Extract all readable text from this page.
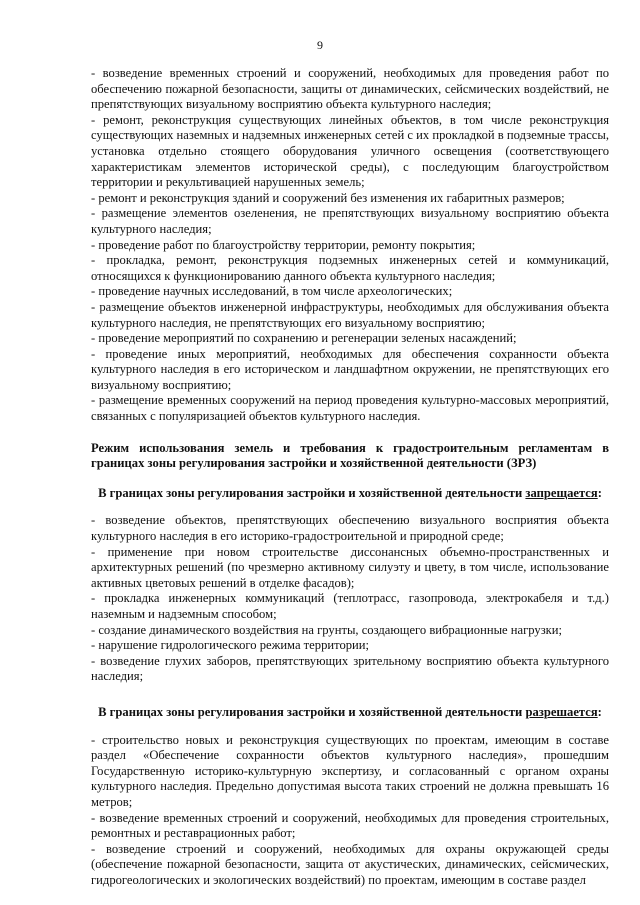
9

- возведение временных строений и сооружений, необходимых для проведения работ по обеспечению пожарной безопасности, защиты от динамических, сейсмических воздействий, не препятствующих визуальному восприятию объекта культурного наследия;

- ремонт, реконструкция существующих линейных объектов, в том числе реконструкция существующих наземных и надземных инженерных сетей с их прокладкой в подземные трассы, установка отдельно стоящего оборудования уличного освещения (соответствующего характеристикам элементов исторической среды), с последующим благоустройством территории и рекультивацией нарушенных земель;

- ремонт и реконструкция зданий и сооружений без изменения их габаритных размеров;

- размещение элементов озеленения, не препятствующих визуальному восприятию объекта культурного наследия;

- проведение работ по благоустройству территории, ремонту покрытия;

- прокладка, ремонт, реконструкция подземных инженерных сетей и коммуникаций, относящихся к функционированию данного объекта культурного наследия;

- проведение научных исследований, в том числе археологических;

- размещение объектов инженерной инфраструктуры, необходимых для обслуживания объекта культурного наследия, не препятствующих его визуальному восприятию;

- проведение мероприятий по сохранению и регенерации зеленых насаждений;

- проведение иных мероприятий, необходимых для обеспечения сохранности объекта культурного наследия в его историческом и ландшафтном окружении, не препятствующих его визуальному восприятию;

- размещение временных сооружений на период проведения культурно-массовых мероприятий, связанных с популяризацией объектов культурного наследия.

Режим использования земель и требования к градостроительным регламентам в границах зоны регулирования застройки и хозяйственной деятельности (ЗРЗ)

В границах зоны регулирования застройки и хозяйственной деятельности запрещается:

- возведение объектов, препятствующих обеспечению визуального восприятия объекта культурного наследия в его историко-градостроительной и природной среде;

- применение при новом строительстве диссонансных объемно-пространственных и архитектурных решений (по чрезмерно активному силуэту и цвету, в том числе, использование активных цветовых решений в отделке фасадов);

- прокладка инженерных коммуникаций (теплотрасс, газопровода, электрокабеля и т.д.) наземным и надземным способом;

- создание динамического воздействия на грунты, создающего вибрационные нагрузки;

- нарушение гидрологического режима территории;

- возведение глухих заборов, препятствующих зрительному восприятию объекта культурного наследия;

В границах зоны регулирования застройки и хозяйственной деятельности разрешается:

- строительство новых и реконструкция существующих по проектам, имеющим в составе раздел «Обеспечение сохранности объектов культурного наследия», прошедшим Государственную историко-культурную экспертизу, и согласованный с органом охраны культурного наследия. Предельно допустимая высота таких строений не должна превышать 16 метров;

- возведение временных строений и сооружений, необходимых для проведения строительных, ремонтных и реставрационных работ;

- возведение строений и сооружений, необходимых для охраны окружающей среды (обеспечение пожарной безопасности, защита от акустических, динамических, сейсмических, гидрогеологических и экологических воздействий) по проектам, имеющим в составе раздел
